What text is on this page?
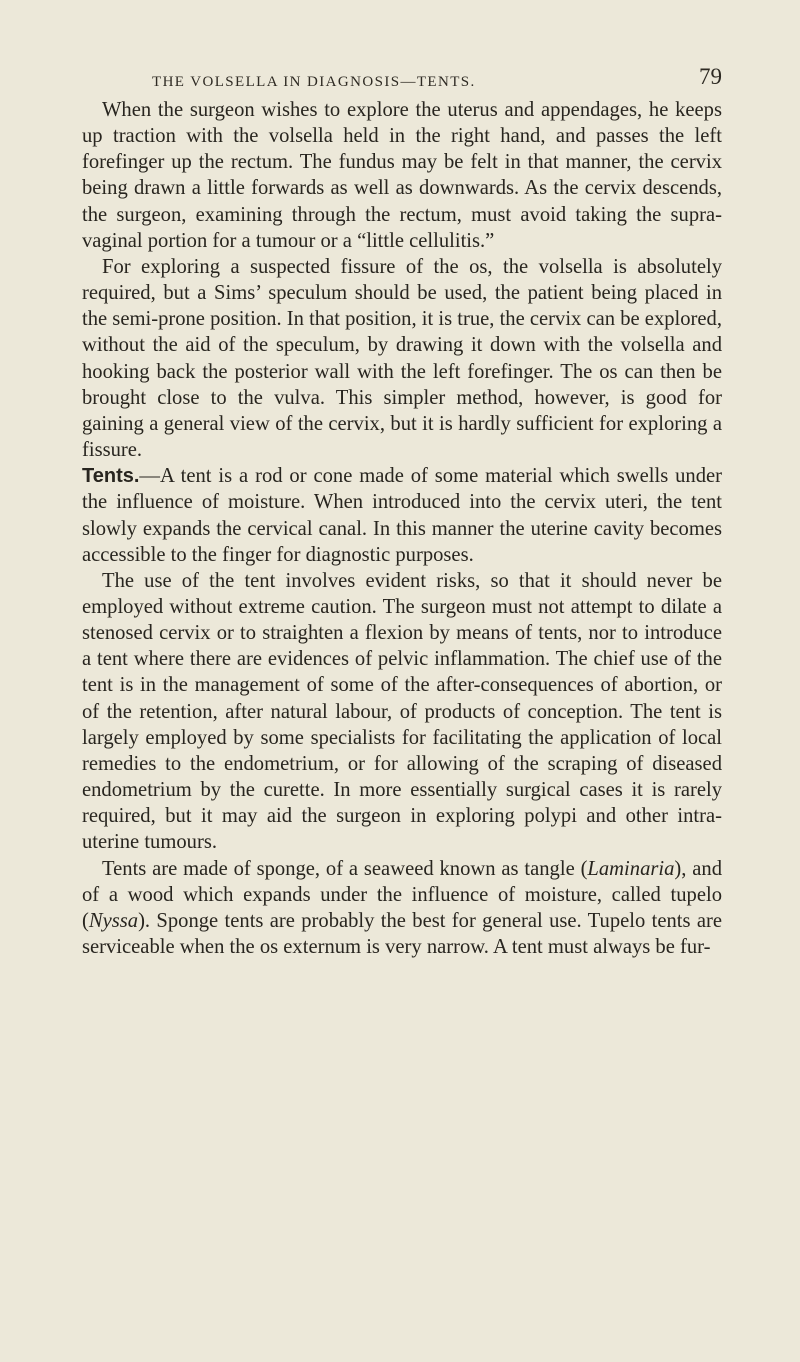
THE VOLSELLA IN DIAGNOSIS—TENTS.	79

When the surgeon wishes to explore the uterus and appendages, he keeps up traction with the volsella held in the right hand, and passes the left forefinger up the rectum. The fundus may be felt in that manner, the cervix being drawn a little forwards as well as downwards. As the cervix descends, the surgeon, examining through the rectum, must avoid taking the supra-vaginal portion for a tumour or a “little cellulitis.”

For exploring a suspected fissure of the os, the volsella is absolutely required, but a Sims’ speculum should be used, the patient being placed in the semi-prone position. In that position, it is true, the cervix can be explored, without the aid of the speculum, by drawing it down with the volsella and hooking back the posterior wall with the left forefinger. The os can then be brought close to the vulva. This simpler method, however, is good for gaining a general view of the cervix, but it is hardly sufficient for exploring a fissure.

Tents.—A tent is a rod or cone made of some material which swells under the influence of moisture. When introduced into the cervix uteri, the tent slowly expands the cervical canal. In this manner the uterine cavity becomes accessible to the finger for diagnostic purposes.

The use of the tent involves evident risks, so that it should never be employed without extreme caution. The surgeon must not attempt to dilate a stenosed cervix or to straighten a flexion by means of tents, nor to introduce a tent where there are evidences of pelvic inflammation. The chief use of the tent is in the management of some of the after-consequences of abortion, or of the retention, after natural labour, of products of conception. The tent is largely employed by some specialists for facilitating the application of local remedies to the endometrium, or for allowing of the scraping of diseased endometrium by the curette. In more essentially surgical cases it is rarely required, but it may aid the surgeon in exploring polypi and other intra-uterine tumours.

Tents are made of sponge, of a seaweed known as tangle (Laminaria), and of a wood which expands under the influence of moisture, called tupelo (Nyssa). Sponge tents are probably the best for general use. Tupelo tents are serviceable when the os externum is very narrow. A tent must always be fur-
